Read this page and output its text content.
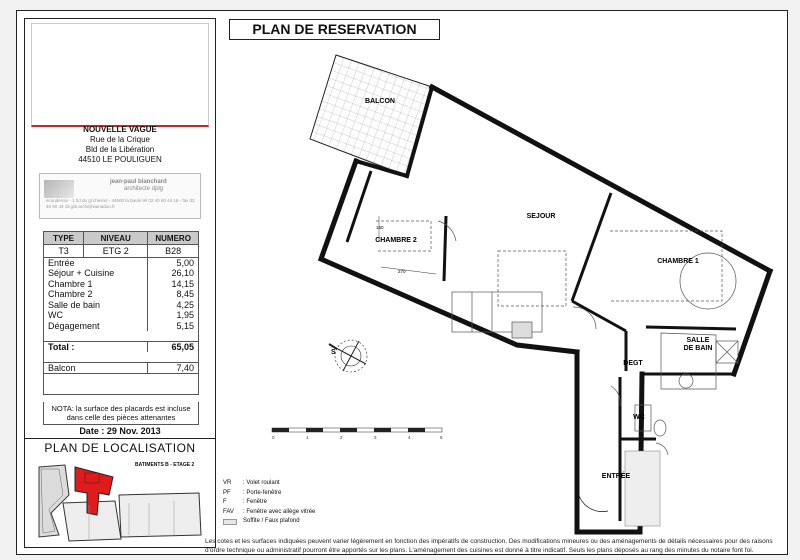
NOUVELLE VAGUE
Rue de la Crique
Bld de la Libération
44510 LE POULIGUEN
jean-paul blanchard
architecte dplg
econdense - 1 bd du gl chevrel - 44500 la baule tél 02 40 60 44 16 - fax 02 40 60 44 15 jpb.archi@wanadoo.fr
TYPE	NIVEAU	NUMERO
T3	ETG 2	B28
Entrée		5,00
Séjour + Cuisine		26,10
Chambre 1		14,15
Chambre 2		8,45
Salle de bain		4,25
WC		1,95
Dégagement		5,15

Total :		65,05

Balcon		7,40

NOTA: la surface des placards est incluse dans celle des pièces attenantes
Date : 29 Nov. 2013
PLAN DE LOCALISATION
BATIMENTS B - ETAGE 2
PLAN DE RESERVATION
BALCON
150
270
SEJOUR
CHAMBRE 2
CHAMBRE 1
SALLE
DE BAIN
DEGT
WC
ENTRÉE
S
0	1	2	3	4	5
VR	: Volet roulant
PF	: Porte-fenêtre
F	: Fenêtre
FAV	: Fenêtre avec allège vitrée
Soffite / Faux plafond
Les cotes et les surfaces indiquées peuvent varier légèrement en fonction des impératifs de construction. Des modifications mineures ou des aménagements de détails nécessaires pour des raisons d'ordre technique ou administratif pourront être apportés sur les plans. L'aménagement des cuisines est donné à titre indicatif. Seuls les plans déposés au rang des minutes du notaire font foi.
